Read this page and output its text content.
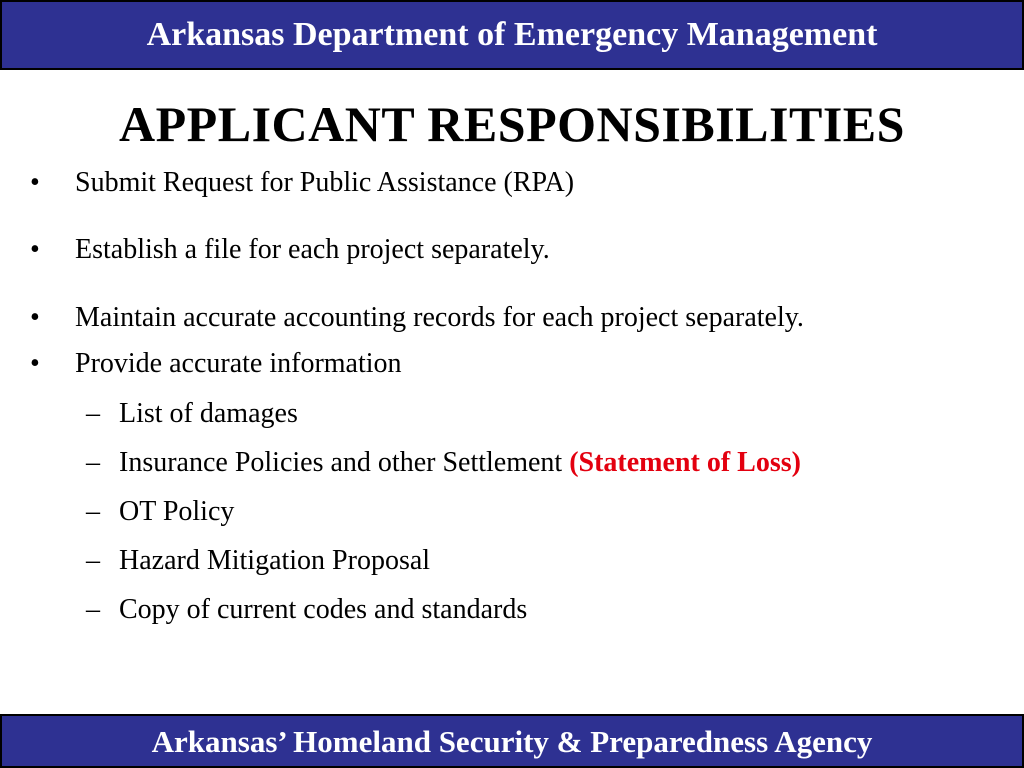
Arkansas Department of Emergency Management
APPLICANT RESPONSIBILITIES
• Submit Request for Public Assistance (RPA)
• Establish a file for each project separately.
• Maintain accurate accounting records for each project separately.
• Provide accurate information
– List of damages
– Insurance Policies and other Settlement (Statement of Loss)
– OT Policy
– Hazard Mitigation Proposal
– Copy of current codes and standards
Arkansas’ Homeland Security & Preparedness Agency
